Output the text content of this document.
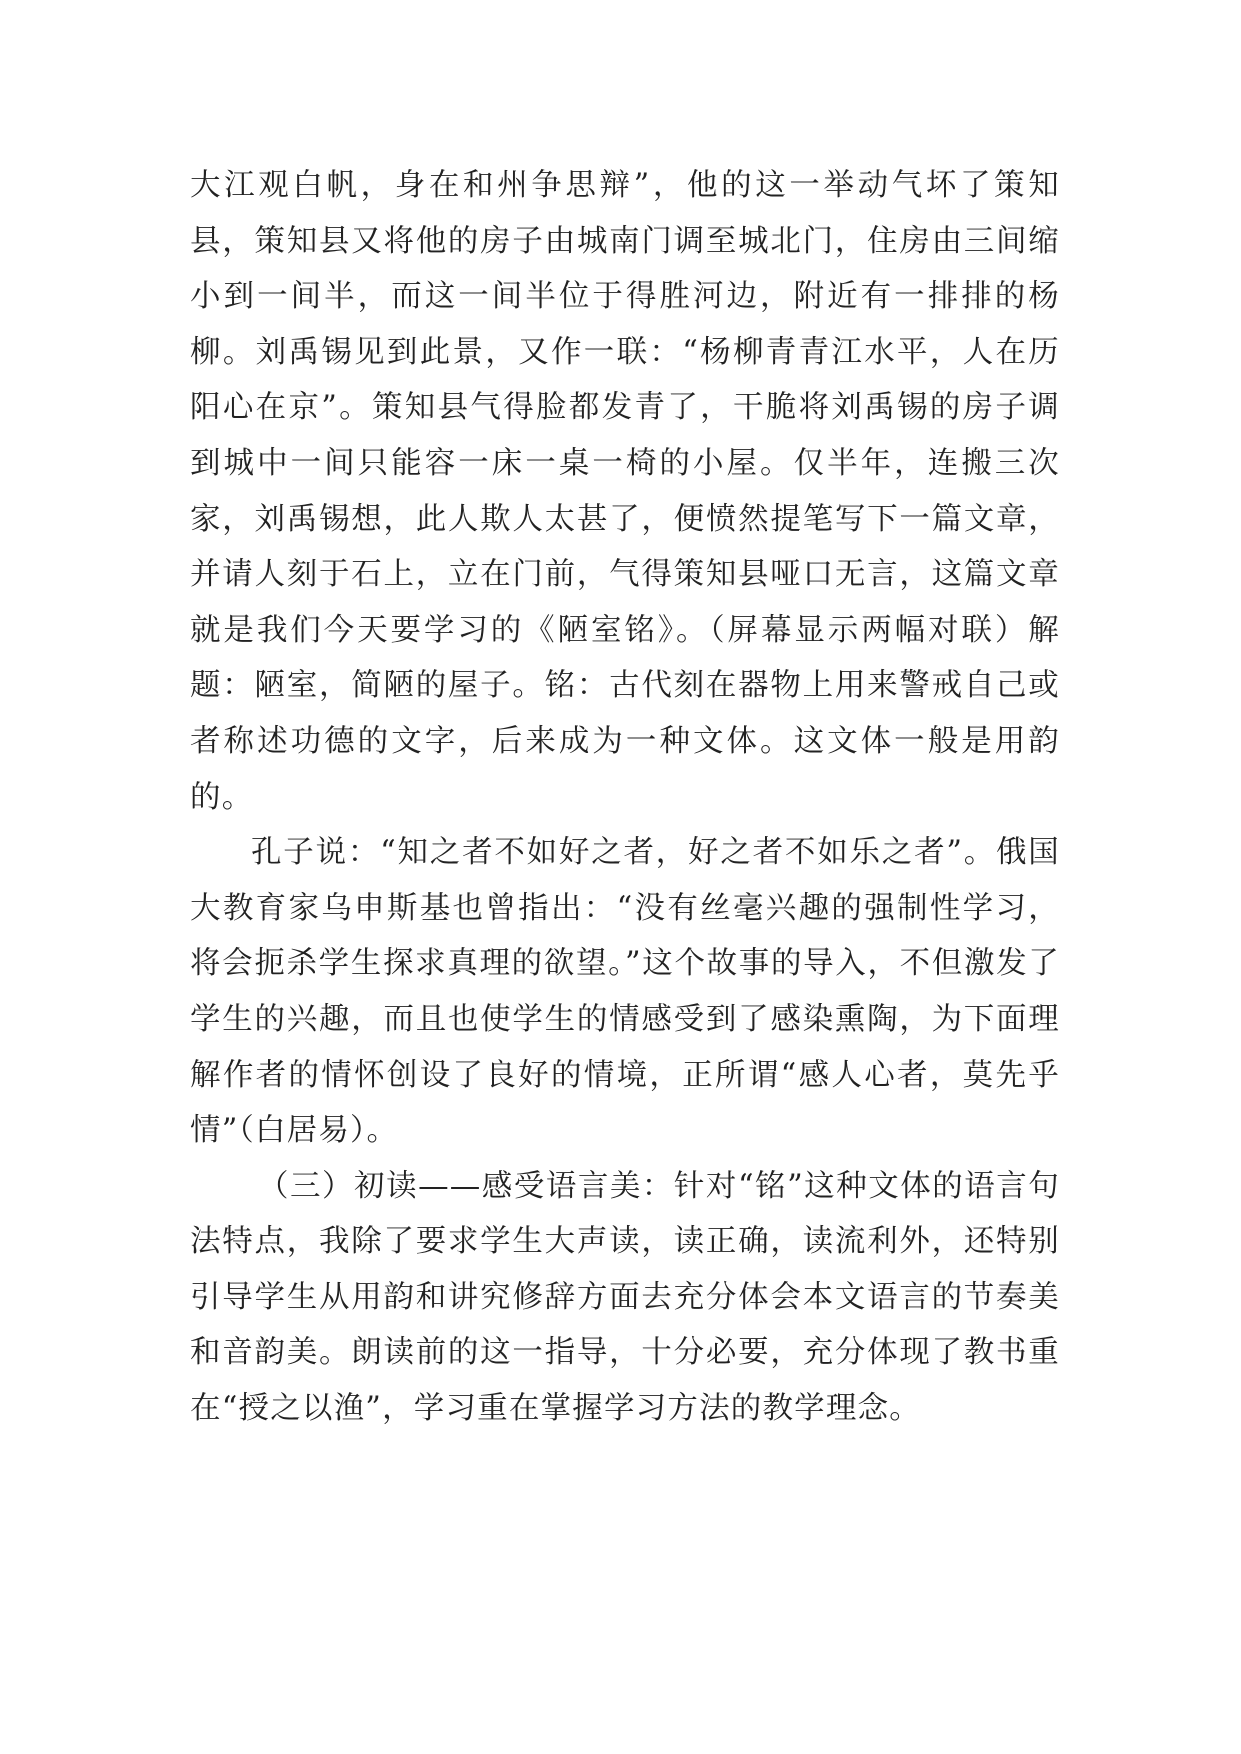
大江观白帆，身在和州争思辩”，他的这一举动气坏了策知县，策知县又将他的房子由城南门调至城北门，住房由三间缩小到一间半，而这一间半位于得胜河边，附近有一排排的杨柳。刘禹锡见到此景，又作一联：“杨柳青青江水平，人在历阳心在京”。策知县气得脸都发青了，干脆将刘禹锡的房子调到城中一间只能容一床一桌一椅的小屋。仅半年，连搬三次家，刘禹锡想，此人欺人太甚了，便愤然提笔写下一篇文章，并请人刻于石上，立在门前，气得策知县哑口无言，这篇文章就是我们今天要学习的《陋室铭》。（屏幕显示两幅对联）解题：陋室，简陋的屋子。铭：古代刻在器物上用来警戒自己或者称述功德的文字，后来成为一种文体。这文体一般是用韵的。

孔子说：“知之者不如好之者，好之者不如乐之者”。俄国大教育家乌申斯基也曾指出：“没有丝毫兴趣的强制性学习，将会扼杀学生探求真理的欲望。”这个故事的导入，不但激发了学生的兴趣，而且也使学生的情感受到了感染熏陶，为下面理解作者的情怀创设了良好的情境，正所谓“感人心者，莫先乎情”（白居易）。

（三）初读——感受语言美：针对“铭”这种文体的语言句法特点，我除了要求学生大声读，读正确，读流利外，还特别引导学生从用韵和讲究修辞方面去充分体会本文语言的节奏美和音韵美。朗读前的这一指导，十分必要，充分体现了教书重在“授之以渔”，学习重在掌握学习方法的教学理念。
